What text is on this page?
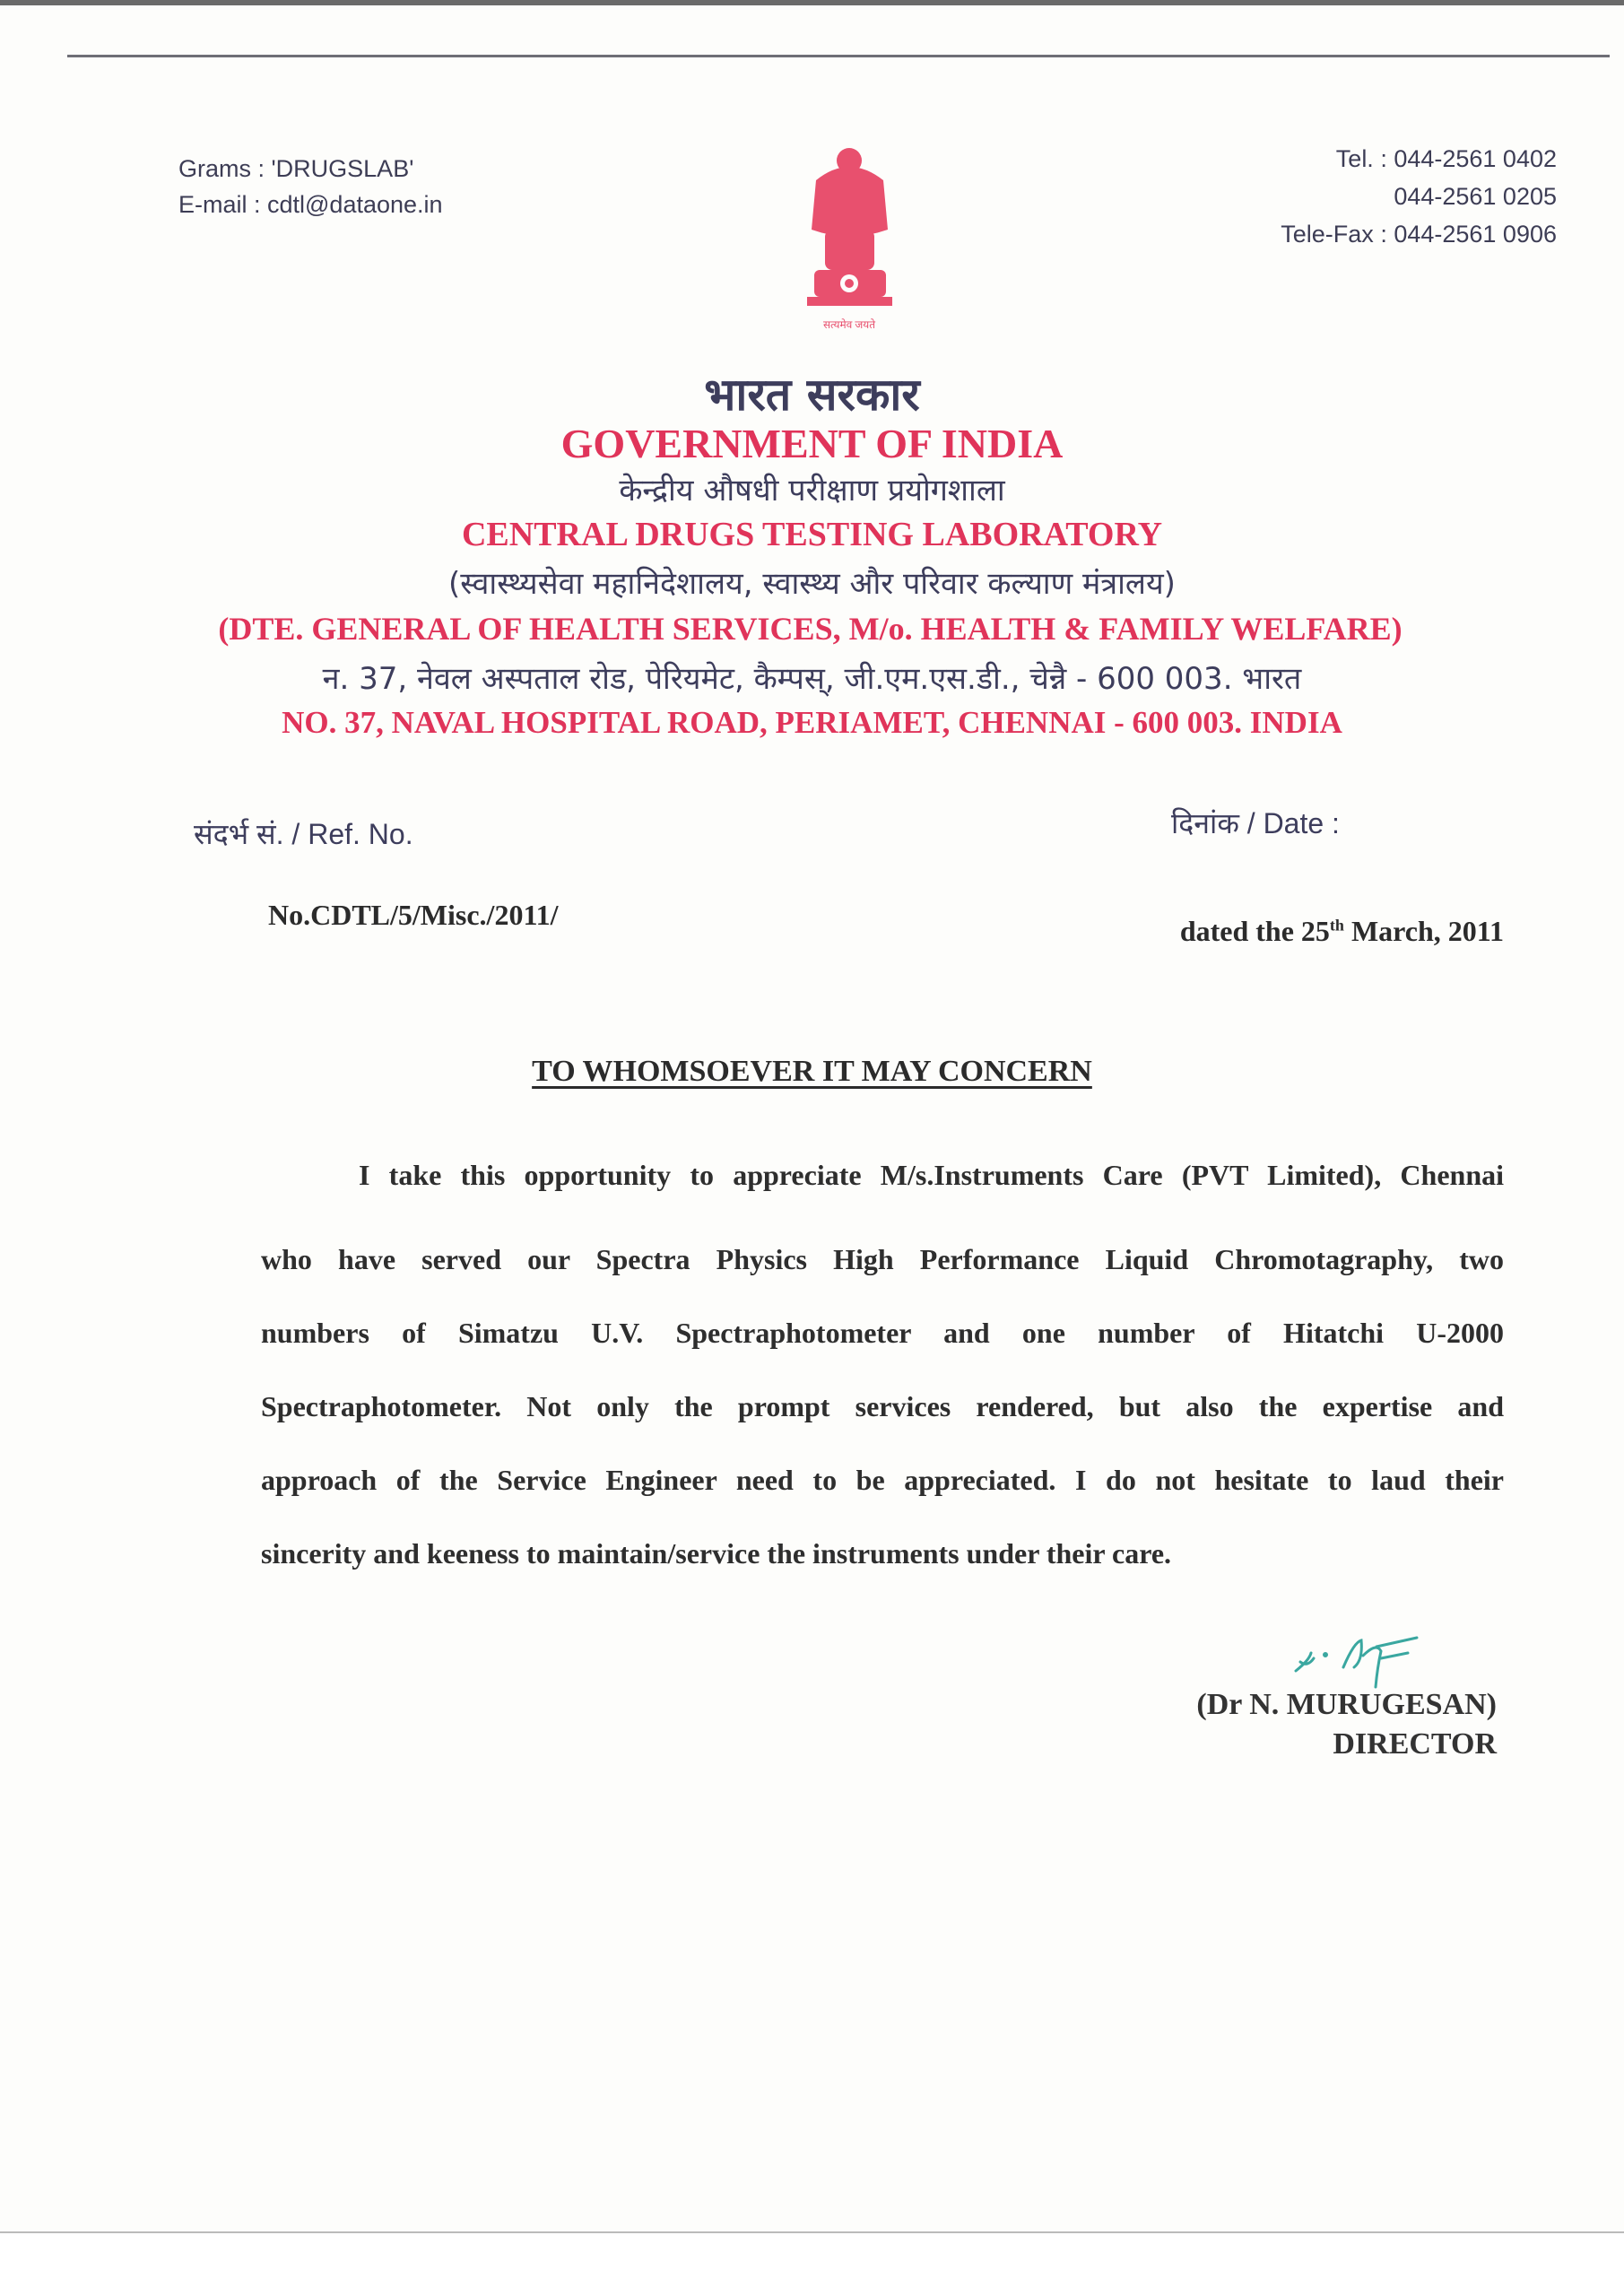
Grams : 'DRUGSLAB'
E-mail : cdtl@dataone.in
सत्यमेव जयते
Tel. : 044-2561 0402
044-2561 0205
Tele-Fax : 044-2561 0906
भारत सरकार
GOVERNMENT OF INDIA
केन्द्रीय औषधी परीक्षाण प्रयोगशाला
CENTRAL DRUGS TESTING LABORATORY
(स्वास्थ्यसेवा महानिदेशालय, स्वास्थ्य और परिवार कल्याण मंत्रालय)
(DTE. GENERAL OF HEALTH SERVICES, M/o. HEALTH & FAMILY WELFARE)
न. 37, नेवल अस्पताल रोड, पेरियमेट, कैम्पस्, जी.एम.एस.डी., चेन्नै - 600 003. भारत
NO. 37, NAVAL HOSPITAL ROAD, PERIAMET, CHENNAI - 600 003. INDIA
संदर्भ सं. / Ref. No.	दिनांक / Date :
No.CDTL/5/Misc./2011/	dated the 25th March, 2011
TO WHOMSOEVER IT MAY CONCERN
I take this opportunity to appreciate M/s.Instruments Care (PVT Limited), Chennai
who have served our Spectra Physics High Performance Liquid Chromotagraphy, two
numbers of Simatzu U.V. Spectraphotometer and one number of Hitatchi U-2000
Spectraphotometer. Not only the prompt services rendered, but also the expertise and
approach of the Service Engineer need to be appreciated. I do not hesitate to laud their
sincerity and keeness to maintain/service the instruments under their care.
(Dr N. MURUGESAN)
DIRECTOR
